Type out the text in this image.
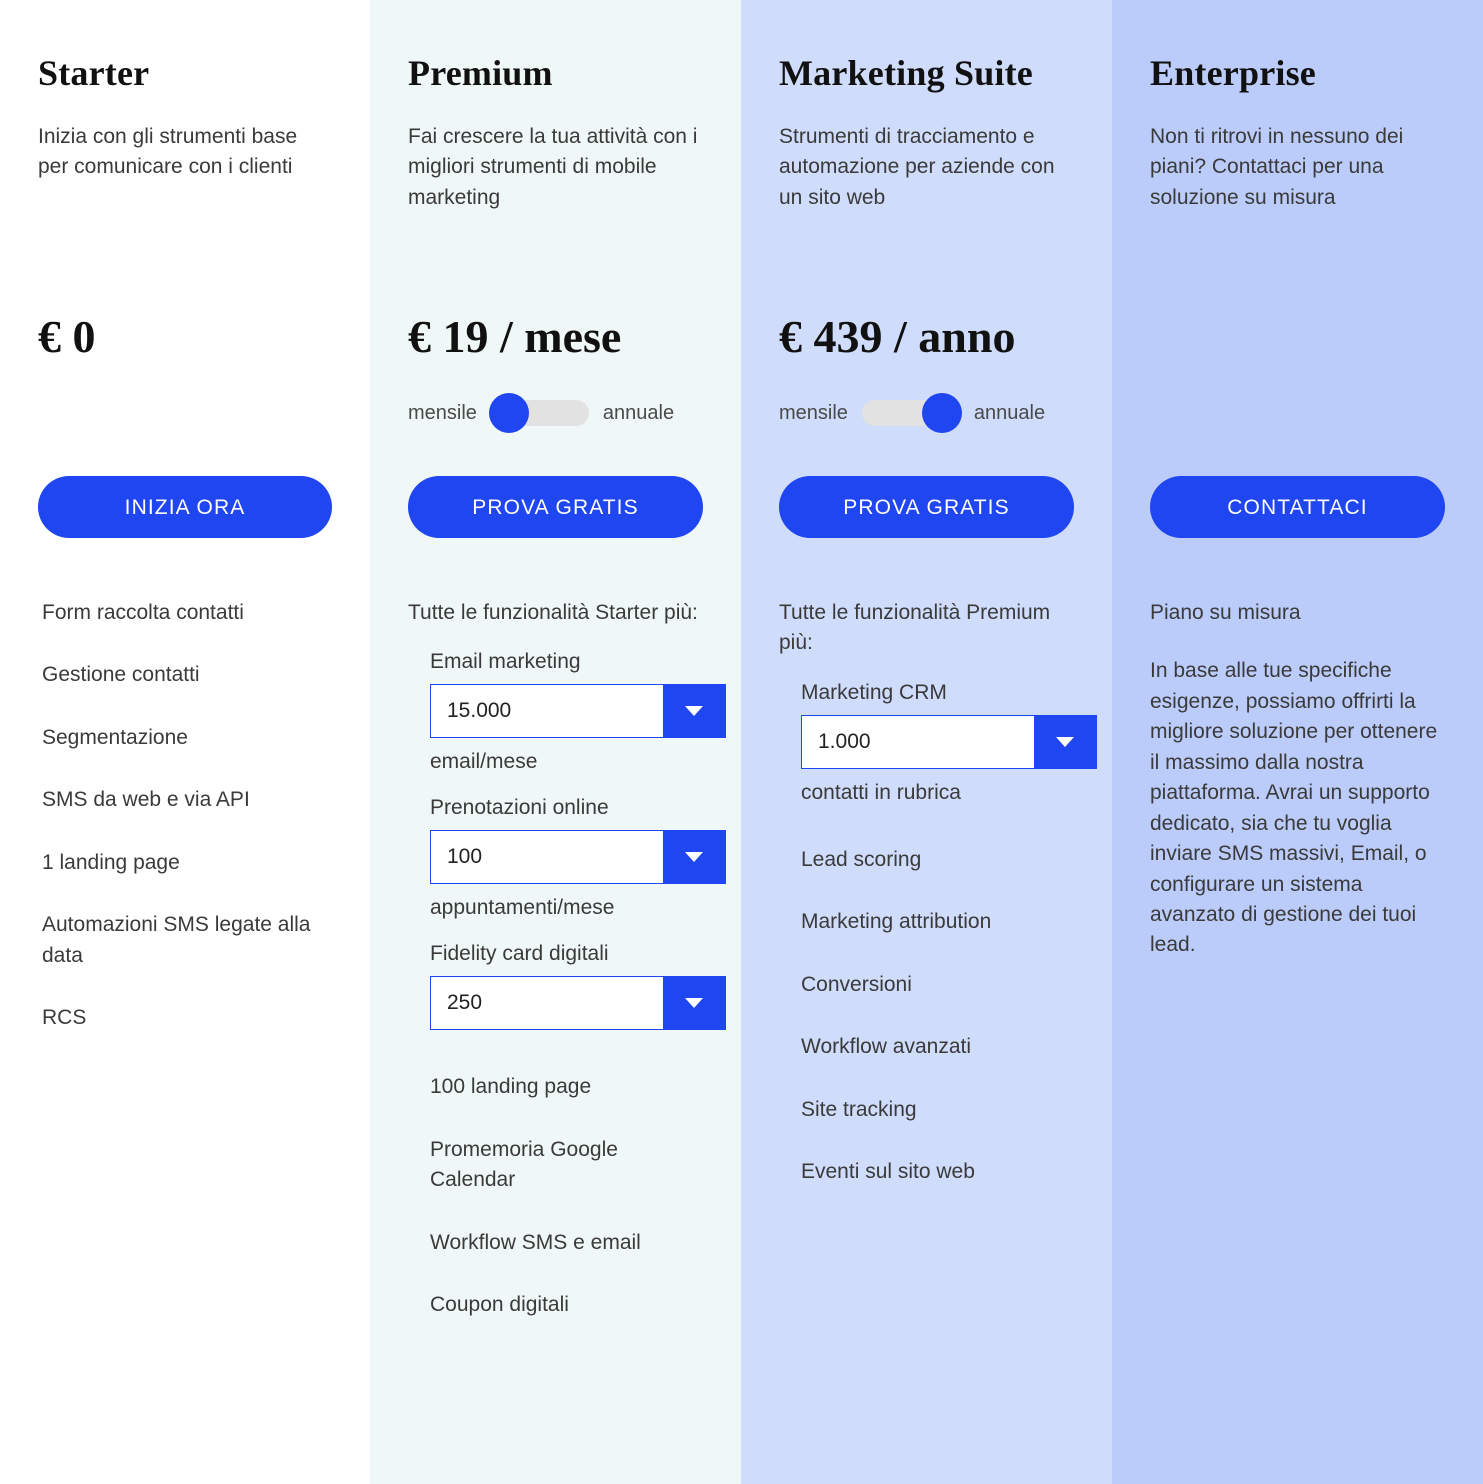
Starter

Inizia con gli strumenti base per comunicare con i clienti

€ 0
INIZIA ORA
Form raccolta contatti
Gestione contatti
Segmentazione
SMS da web e via API
1 landing page
Automazioni SMS legate alla data
RCS
Premium

Fai crescere la tua attività con i migliori strumenti di mobile marketing

€ 19 / mese
mensile	annuale
PROVA GRATIS
Tutte le funzionalità Starter più:
Email marketing
15.000
email/mese
Prenotazioni online
100
appuntamenti/mese
Fidelity card digitali
250
100 landing page
Promemoria Google Calendar
Workflow SMS e email
Coupon digitali
Marketing Suite

Strumenti di tracciamento e automazione per aziende con un sito web

€ 439 / anno
mensile	annuale
PROVA GRATIS
Tutte le funzionalità Premium più:
Marketing CRM
1.000
contatti in rubrica
Lead scoring
Marketing attribution
Conversioni
Workflow avanzati
Site tracking
Eventi sul sito web
Enterprise

Non ti ritrovi in nessuno dei piani? Contattaci per una soluzione su misura

CONTATTACI
Piano su misura

In base alle tue specifiche esigenze, possiamo offrirti la migliore soluzione per ottenere il massimo dalla nostra piattaforma. Avrai un supporto dedicato, sia che tu voglia inviare SMS massivi, Email, o configurare un sistema avanzato di gestione dei tuoi lead.
